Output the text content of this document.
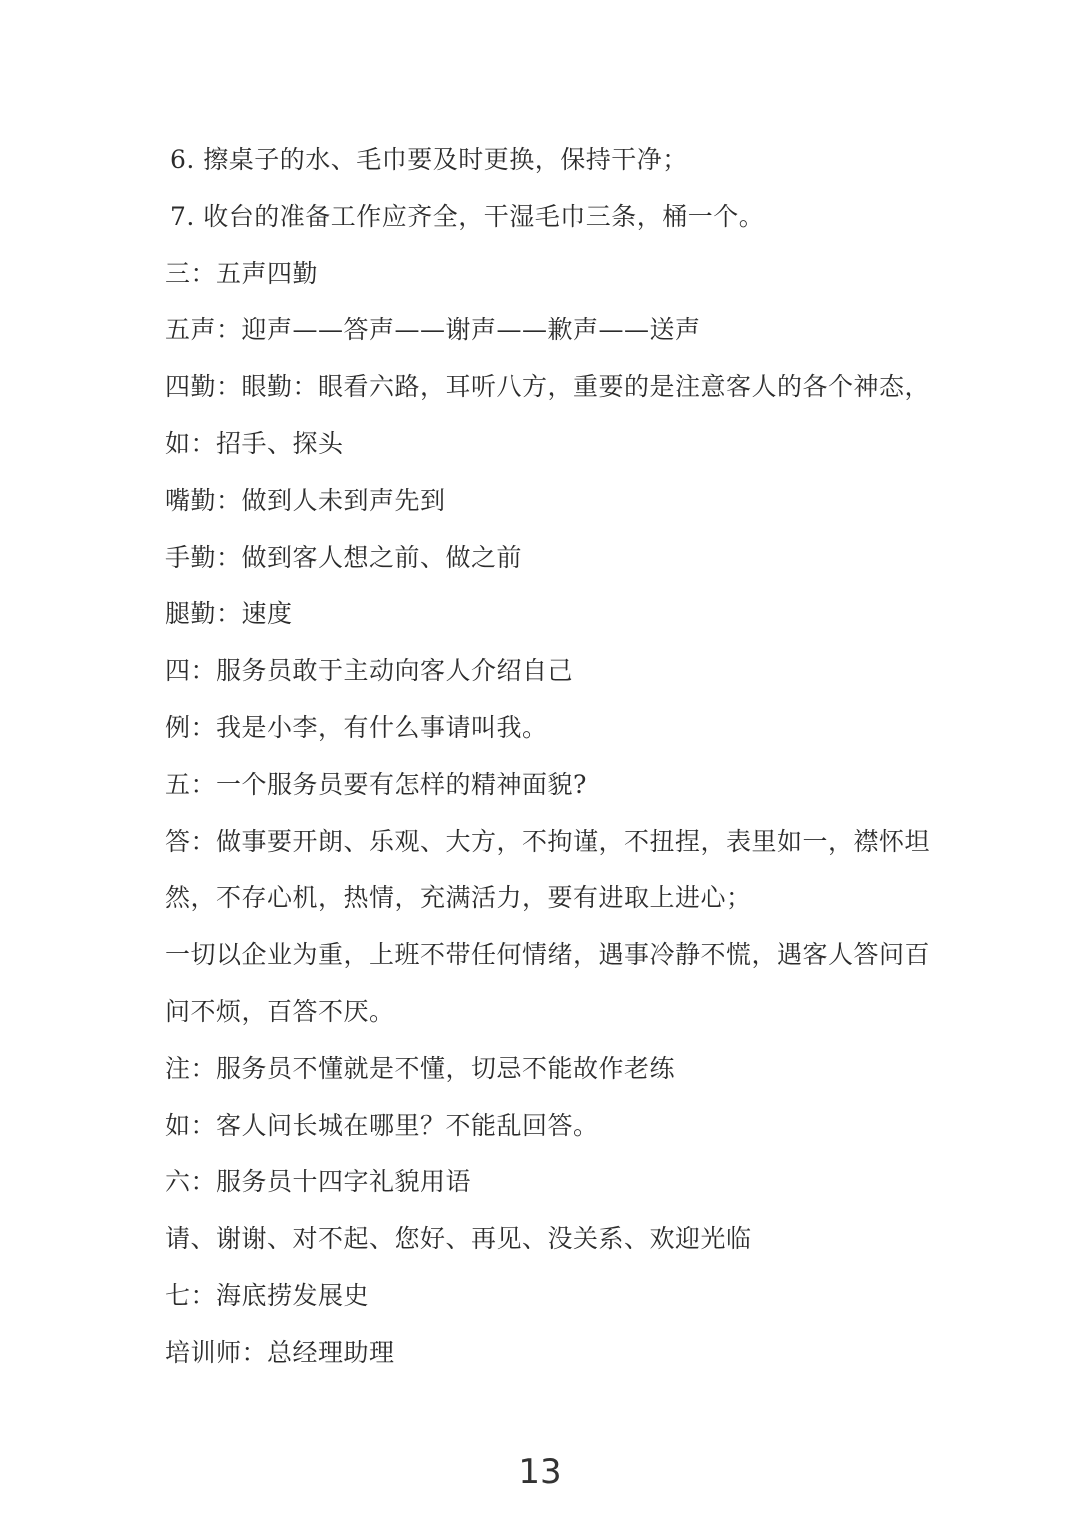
6. 擦桌子的水、毛巾要及时更换，保持干净；
7. 收台的准备工作应齐全，干湿毛巾三条，桶一个。
三：五声四勤
五声：迎声——答声——谢声——歉声——送声
四勤：眼勤：眼看六路，耳听八方，重要的是注意客人的各个神态，
如：招手、探头
嘴勤：做到人未到声先到
手勤：做到客人想之前、做之前
腿勤：速度
四：服务员敢于主动向客人介绍自己
例：我是小李，有什么事请叫我。
五：一个服务员要有怎样的精神面貌?
答：做事要开朗、乐观、大方，不拘谨，不扭捏，表里如一，襟怀坦
然，不存心机，热情，充满活力，要有进取上进心；
一切以企业为重，上班不带任何情绪，遇事冷静不慌，遇客人答问百
问不烦，百答不厌。
注：服务员不懂就是不懂，切忌不能故作老练
如：客人问长城在哪里？不能乱回答。
六：服务员十四字礼貌用语
请、谢谢、对不起、您好、再见、没关系、欢迎光临
七：海底捞发展史
培训师：总经理助理
13
